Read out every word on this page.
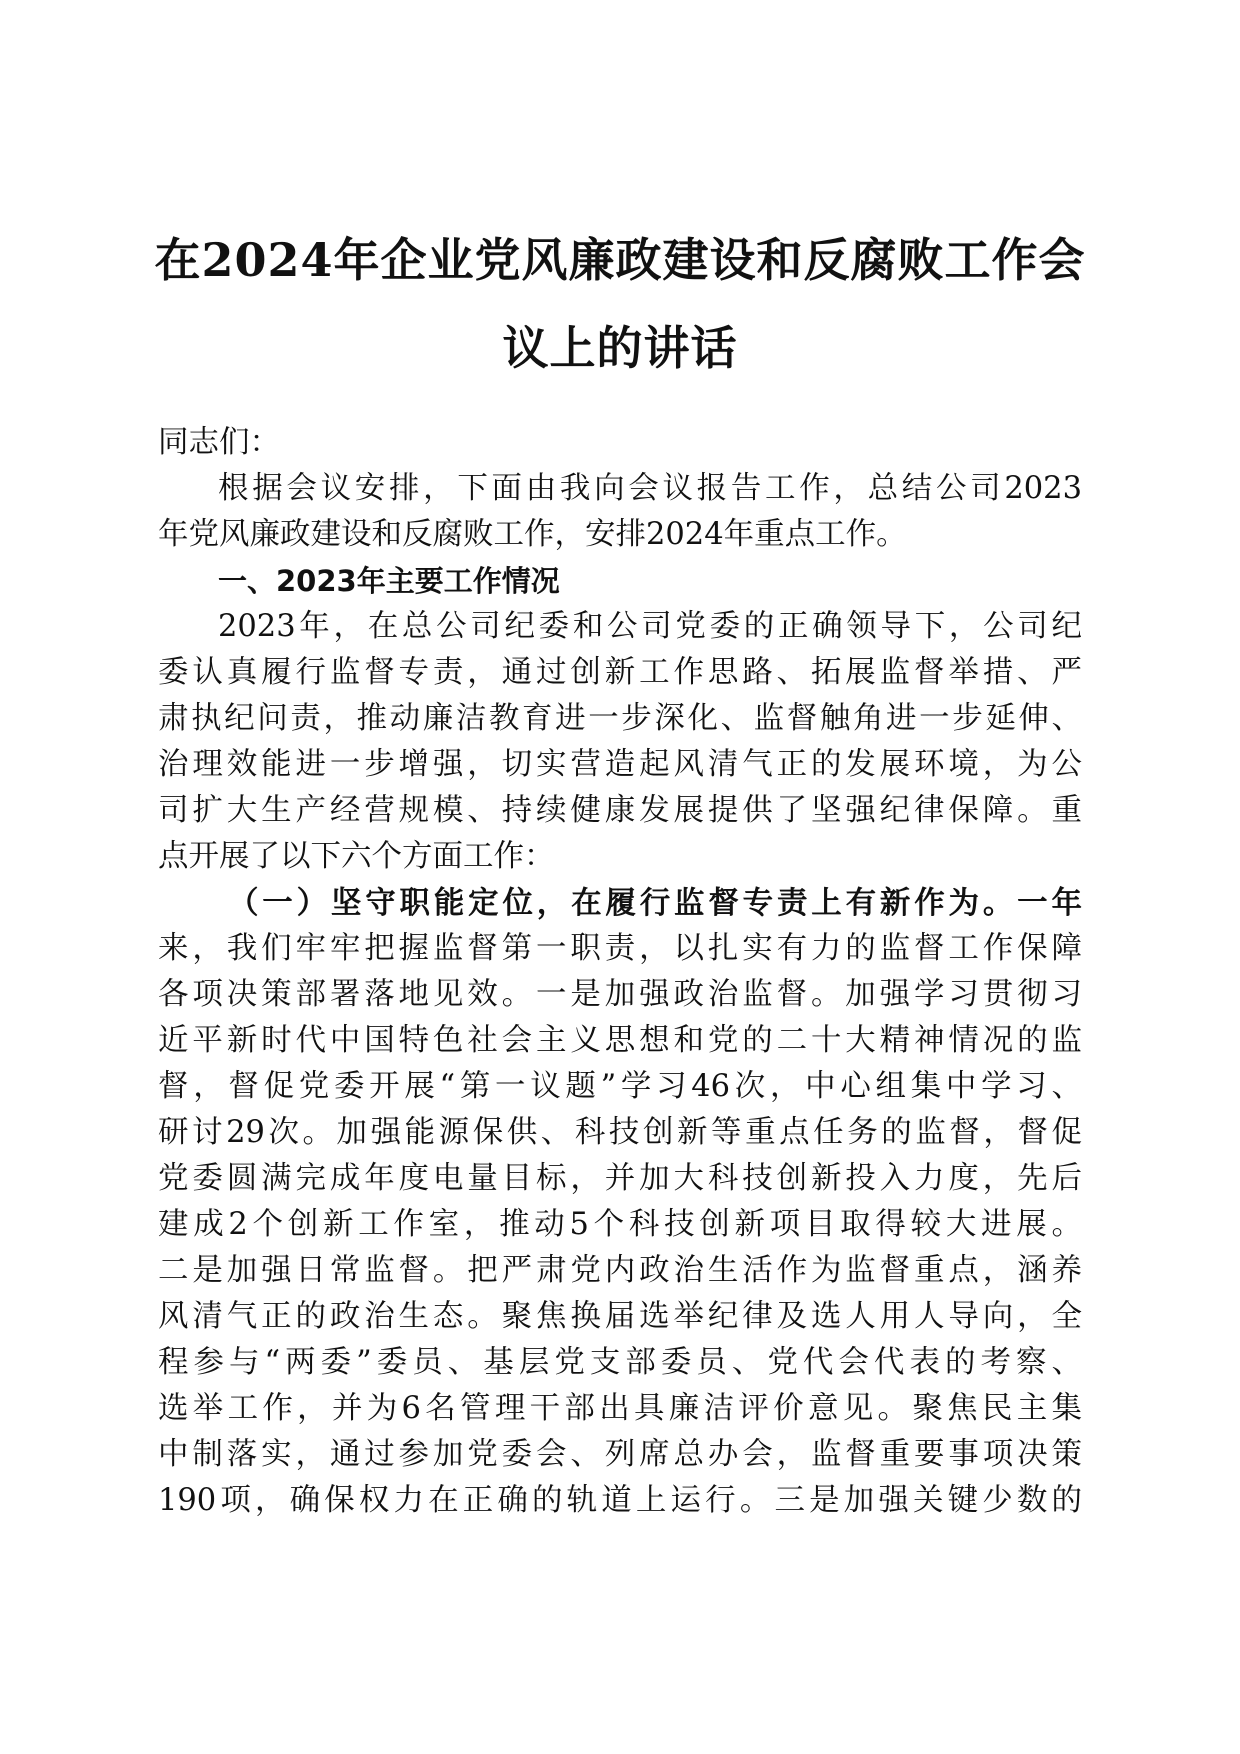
在2024年企业党风廉政建设和反腐败工作会
议上的讲话
同志们：
根据会议安排，下面由我向会议报告工作，总结公司2023
年党风廉政建设和反腐败工作，安排2024年重点工作。
一、2023年主要工作情况
2023年，在总公司纪委和公司党委的正确领导下，公司纪
委认真履行监督专责，通过创新工作思路、拓展监督举措、严
肃执纪问责，推动廉洁教育进一步深化、监督触角进一步延伸、
治理效能进一步增强，切实营造起风清气正的发展环境，为公
司扩大生产经营规模、持续健康发展提供了坚强纪律保障。重
点开展了以下六个方面工作：
（一）坚守职能定位，在履行监督专责上有新作为。一年
来，我们牢牢把握监督第一职责，以扎实有力的监督工作保障
各项决策部署落地见效。一是加强政治监督。加强学习贯彻习
近平新时代中国特色社会主义思想和党的二十大精神情况的监
督，督促党委开展“第一议题”学习46次，中心组集中学习、
研讨29次。加强能源保供、科技创新等重点任务的监督，督促
党委圆满完成年度电量目标，并加大科技创新投入力度，先后
建成2个创新工作室，推动5个科技创新项目取得较大进展。
二是加强日常监督。把严肃党内政治生活作为监督重点，涵养
风清气正的政治生态。聚焦换届选举纪律及选人用人导向，全
程参与“两委”委员、基层党支部委员、党代会代表的考察、
选举工作，并为6名管理干部出具廉洁评价意见。聚焦民主集
中制落实，通过参加党委会、列席总办会，监督重要事项决策
190项，确保权力在正确的轨道上运行。三是加强关键少数的
